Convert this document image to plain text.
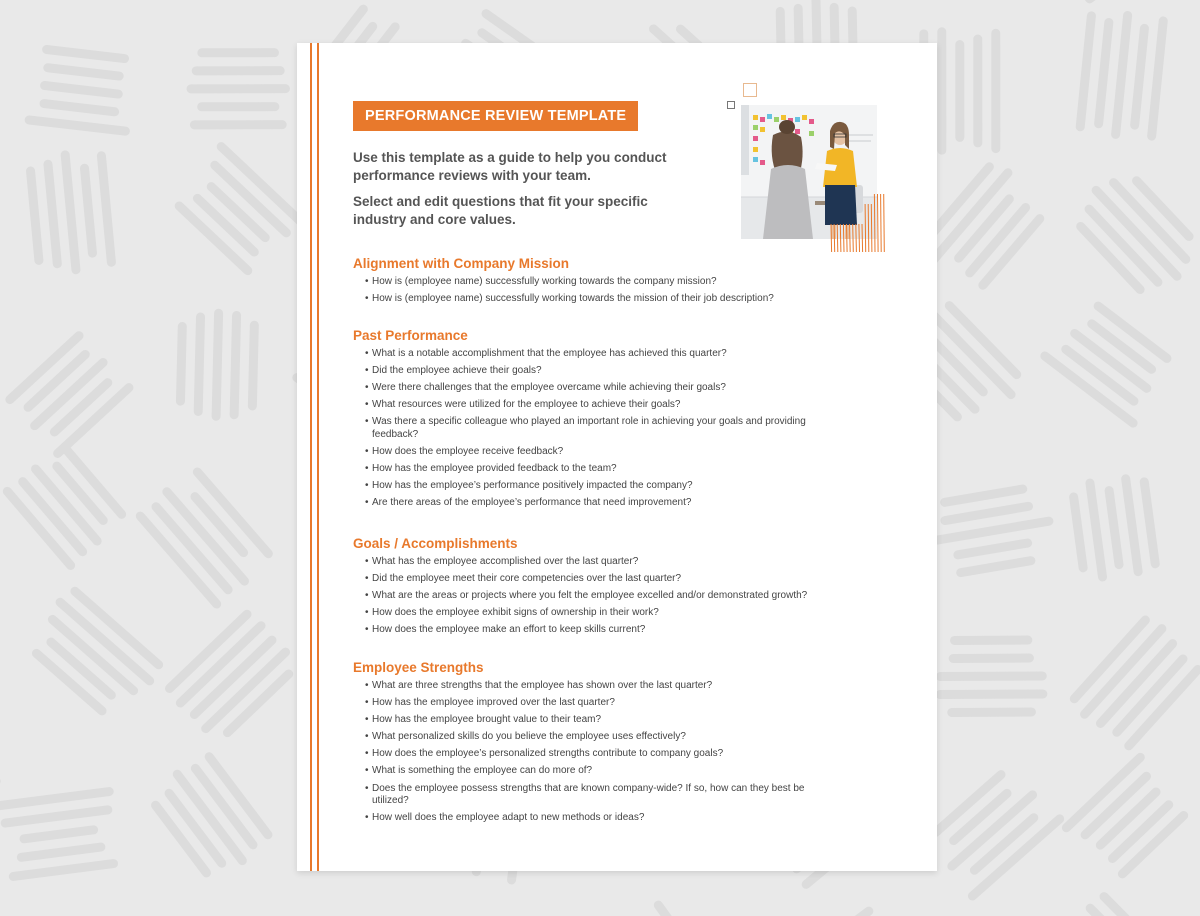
PERFORMANCE REVIEW TEMPLATE
Use this template as a guide to help you conduct performance reviews with your team.
Select and edit questions that fit your specific industry and core values.
Alignment with Company Mission
• How is (employee name) successfully working towards the company mission?
• How is (employee name) successfully working towards the mission of their job description?
Past Performance
• What is a notable accomplishment that the employee has achieved this quarter?
• Did the employee achieve their goals?
• Were there challenges that the employee overcame while achieving their goals?
• What resources were utilized for the employee to achieve their goals?
• Was there a specific colleague who played an important role in achieving your goals and providing feedback?
• How does the employee receive feedback?
• How has the employee provided feedback to the team?
• How has the employee’s performance positively impacted the company?
• Are there areas of the employee’s performance that need improvement?
Goals / Accomplishments
• What has the employee accomplished over the last quarter?
• Did the employee meet their core competencies over the last quarter?
• What are the areas or projects where you felt the employee excelled and/or demonstrated growth?
• How does the employee exhibit signs of ownership in their work?
• How does the employee make an effort to keep skills current?
Employee Strengths
• What are three strengths that the employee has shown over the last quarter?
• How has the employee improved over the last quarter?
• How has the employee brought value to their team?
• What personalized skills do you believe the employee uses effectively?
• How does the employee’s personalized strengths contribute to company goals?
• What is something the employee can do more of?
• Does the employee possess strengths that are known company-wide? If so, how can they best be utilized?
• How well does the employee adapt to new methods or ideas?
